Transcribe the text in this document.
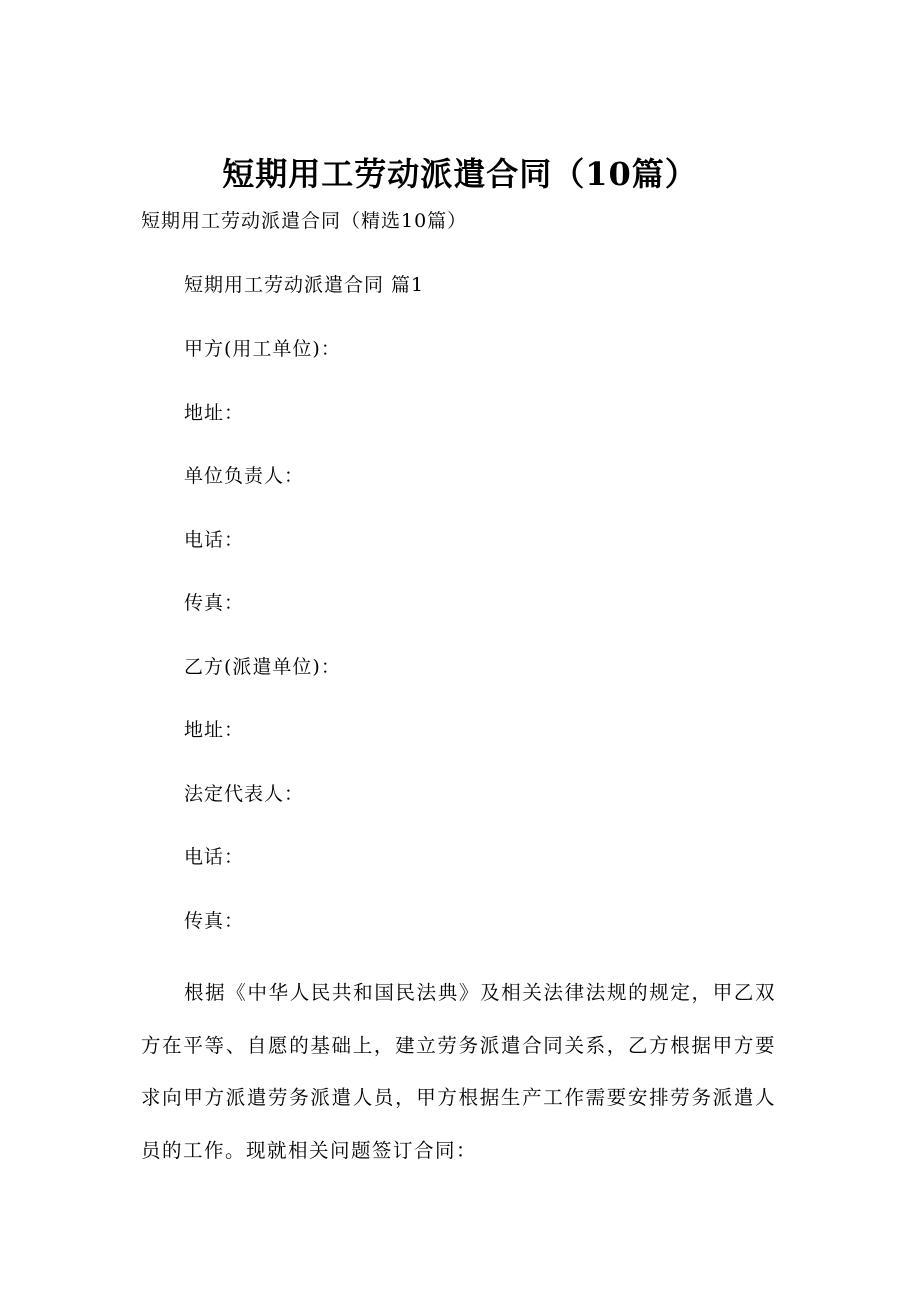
短期用工劳动派遣合同（10篇）
短期用工劳动派遣合同（精选10篇）
短期用工劳动派遣合同 篇1
甲方(用工单位)：
地址：
单位负责人：
电话：
传真：
乙方(派遣单位)：
地址：
法定代表人：
电话：
传真：
根据《中华人民共和国民法典》及相关法律法规的规定，甲乙双方在平等、自愿的基础上，建立劳务派遣合同关系，乙方根据甲方要求向甲方派遣劳务派遣人员，甲方根据生产工作需要安排劳务派遣人员的工作。现就相关问题签订合同：
